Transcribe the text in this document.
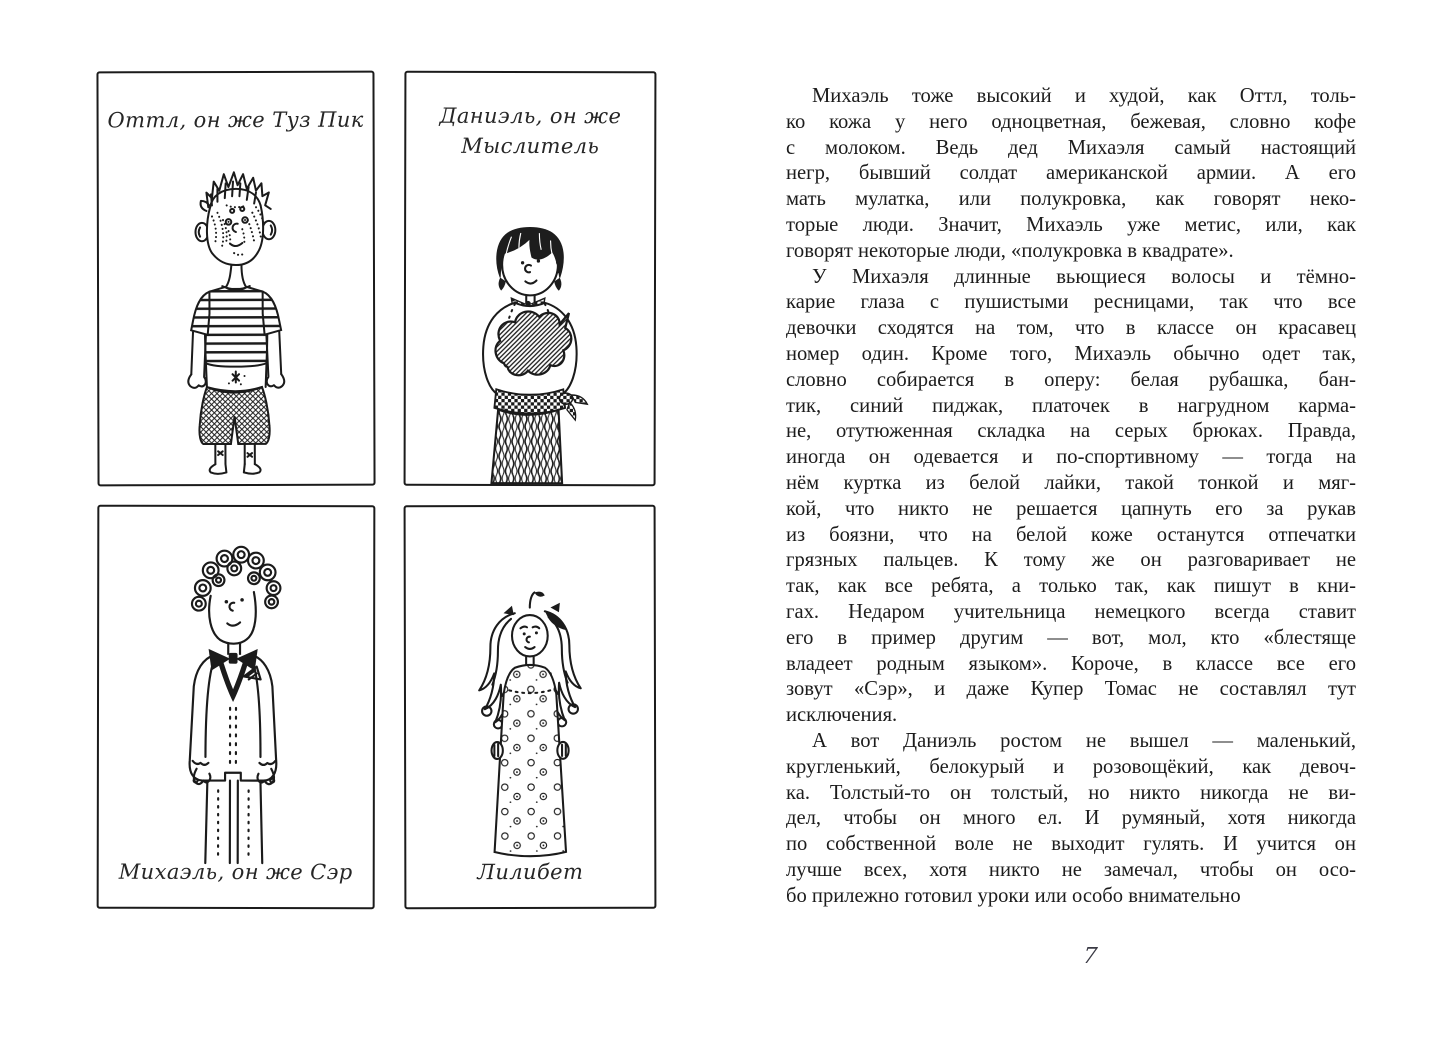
Оттл, он же Туз Пик	Даниэль, он же
Мыслитель
Михаэль, он же Сэр	Лилибет
Михаэль тоже высокий и худой, как Оттл, толь-
ко кожа у него одноцветная, бежевая, словно кофе
с молоком. Ведь дед Михаэля самый настоящий
негр, бывший солдат американской армии. А его
мать мулатка, или полукровка, как говорят неко-
торые люди. Значит, Михаэль уже метис, или, как
говорят некоторые люди, «полукровка в квадрате».
У Михаэля длинные вьющиеся волосы и тёмно-
карие глаза с пушистыми ресницами, так что все
девочки сходятся на том, что в классе он красавец
номер один. Кроме того, Михаэль обычно одет так,
словно собирается в оперу: белая рубашка, бан-
тик, синий пиджак, платочек в нагрудном карма-
не, отутюженная складка на серых брюках. Правда,
иногда он одевается и по-спортивному — тогда на
нём куртка из белой лайки, такой тонкой и мяг-
кой, что никто не решается цапнуть его за рукав
из боязни, что на белой коже останутся отпечатки
грязных пальцев. К тому же он разговаривает не
так, как все ребята, а только так, как пишут в кни-
гах. Недаром учительница немецкого всегда ставит
его в пример другим — вот, мол, кто «блестяще
владеет родным языком». Короче, в классе все его
зовут «Сэр», и даже Купер Томас не составлял тут
исключения.
А вот Даниэль ростом не вышел — маленький,
кругленький, белокурый и розовощёкий, как девоч-
ка. Толстый-то он толстый, но никто никогда не ви-
дел, чтобы он много ел. И румяный, хотя никогда
по собственной воле не выходит гулять. И учится он
лучше всех, хотя никто не замечал, чтобы он осо-
бо прилежно готовил уроки или особо внимательно
7
